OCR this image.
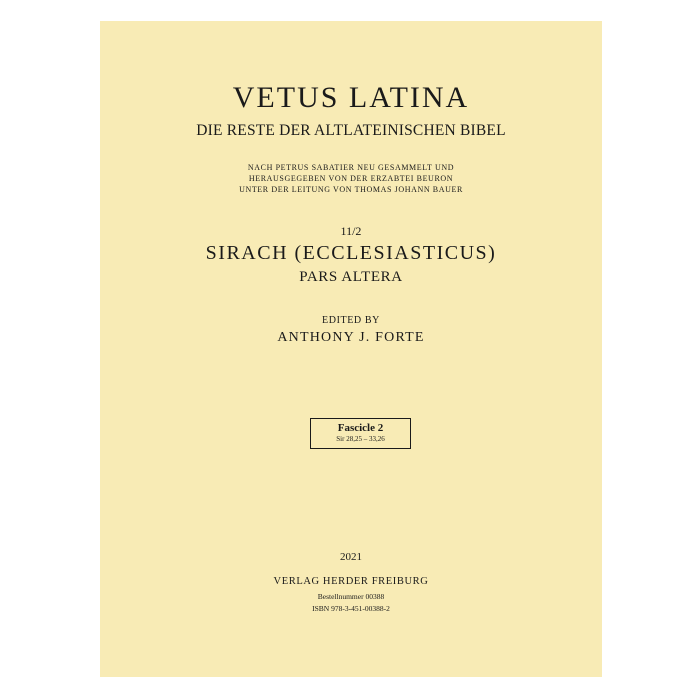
VETUS LATINA
DIE RESTE DER ALTLATEINISCHEN BIBEL
NACH PETRUS SABATIER NEU GESAMMELT UND
HERAUSGEGEBEN VON DER ERZABTEI BEURON
UNTER DER LEITUNG VON THOMAS JOHANN BAUER
11/2
SIRACH (ECCLESIASTICUS)
PARS ALTERA
EDITED BY
ANTHONY J. FORTE
Fascicle 2
Sir 28,25 – 33,26
2021
VERLAG HERDER FREIBURG
Bestellnummer 00388
ISBN 978-3-451-00388-2
